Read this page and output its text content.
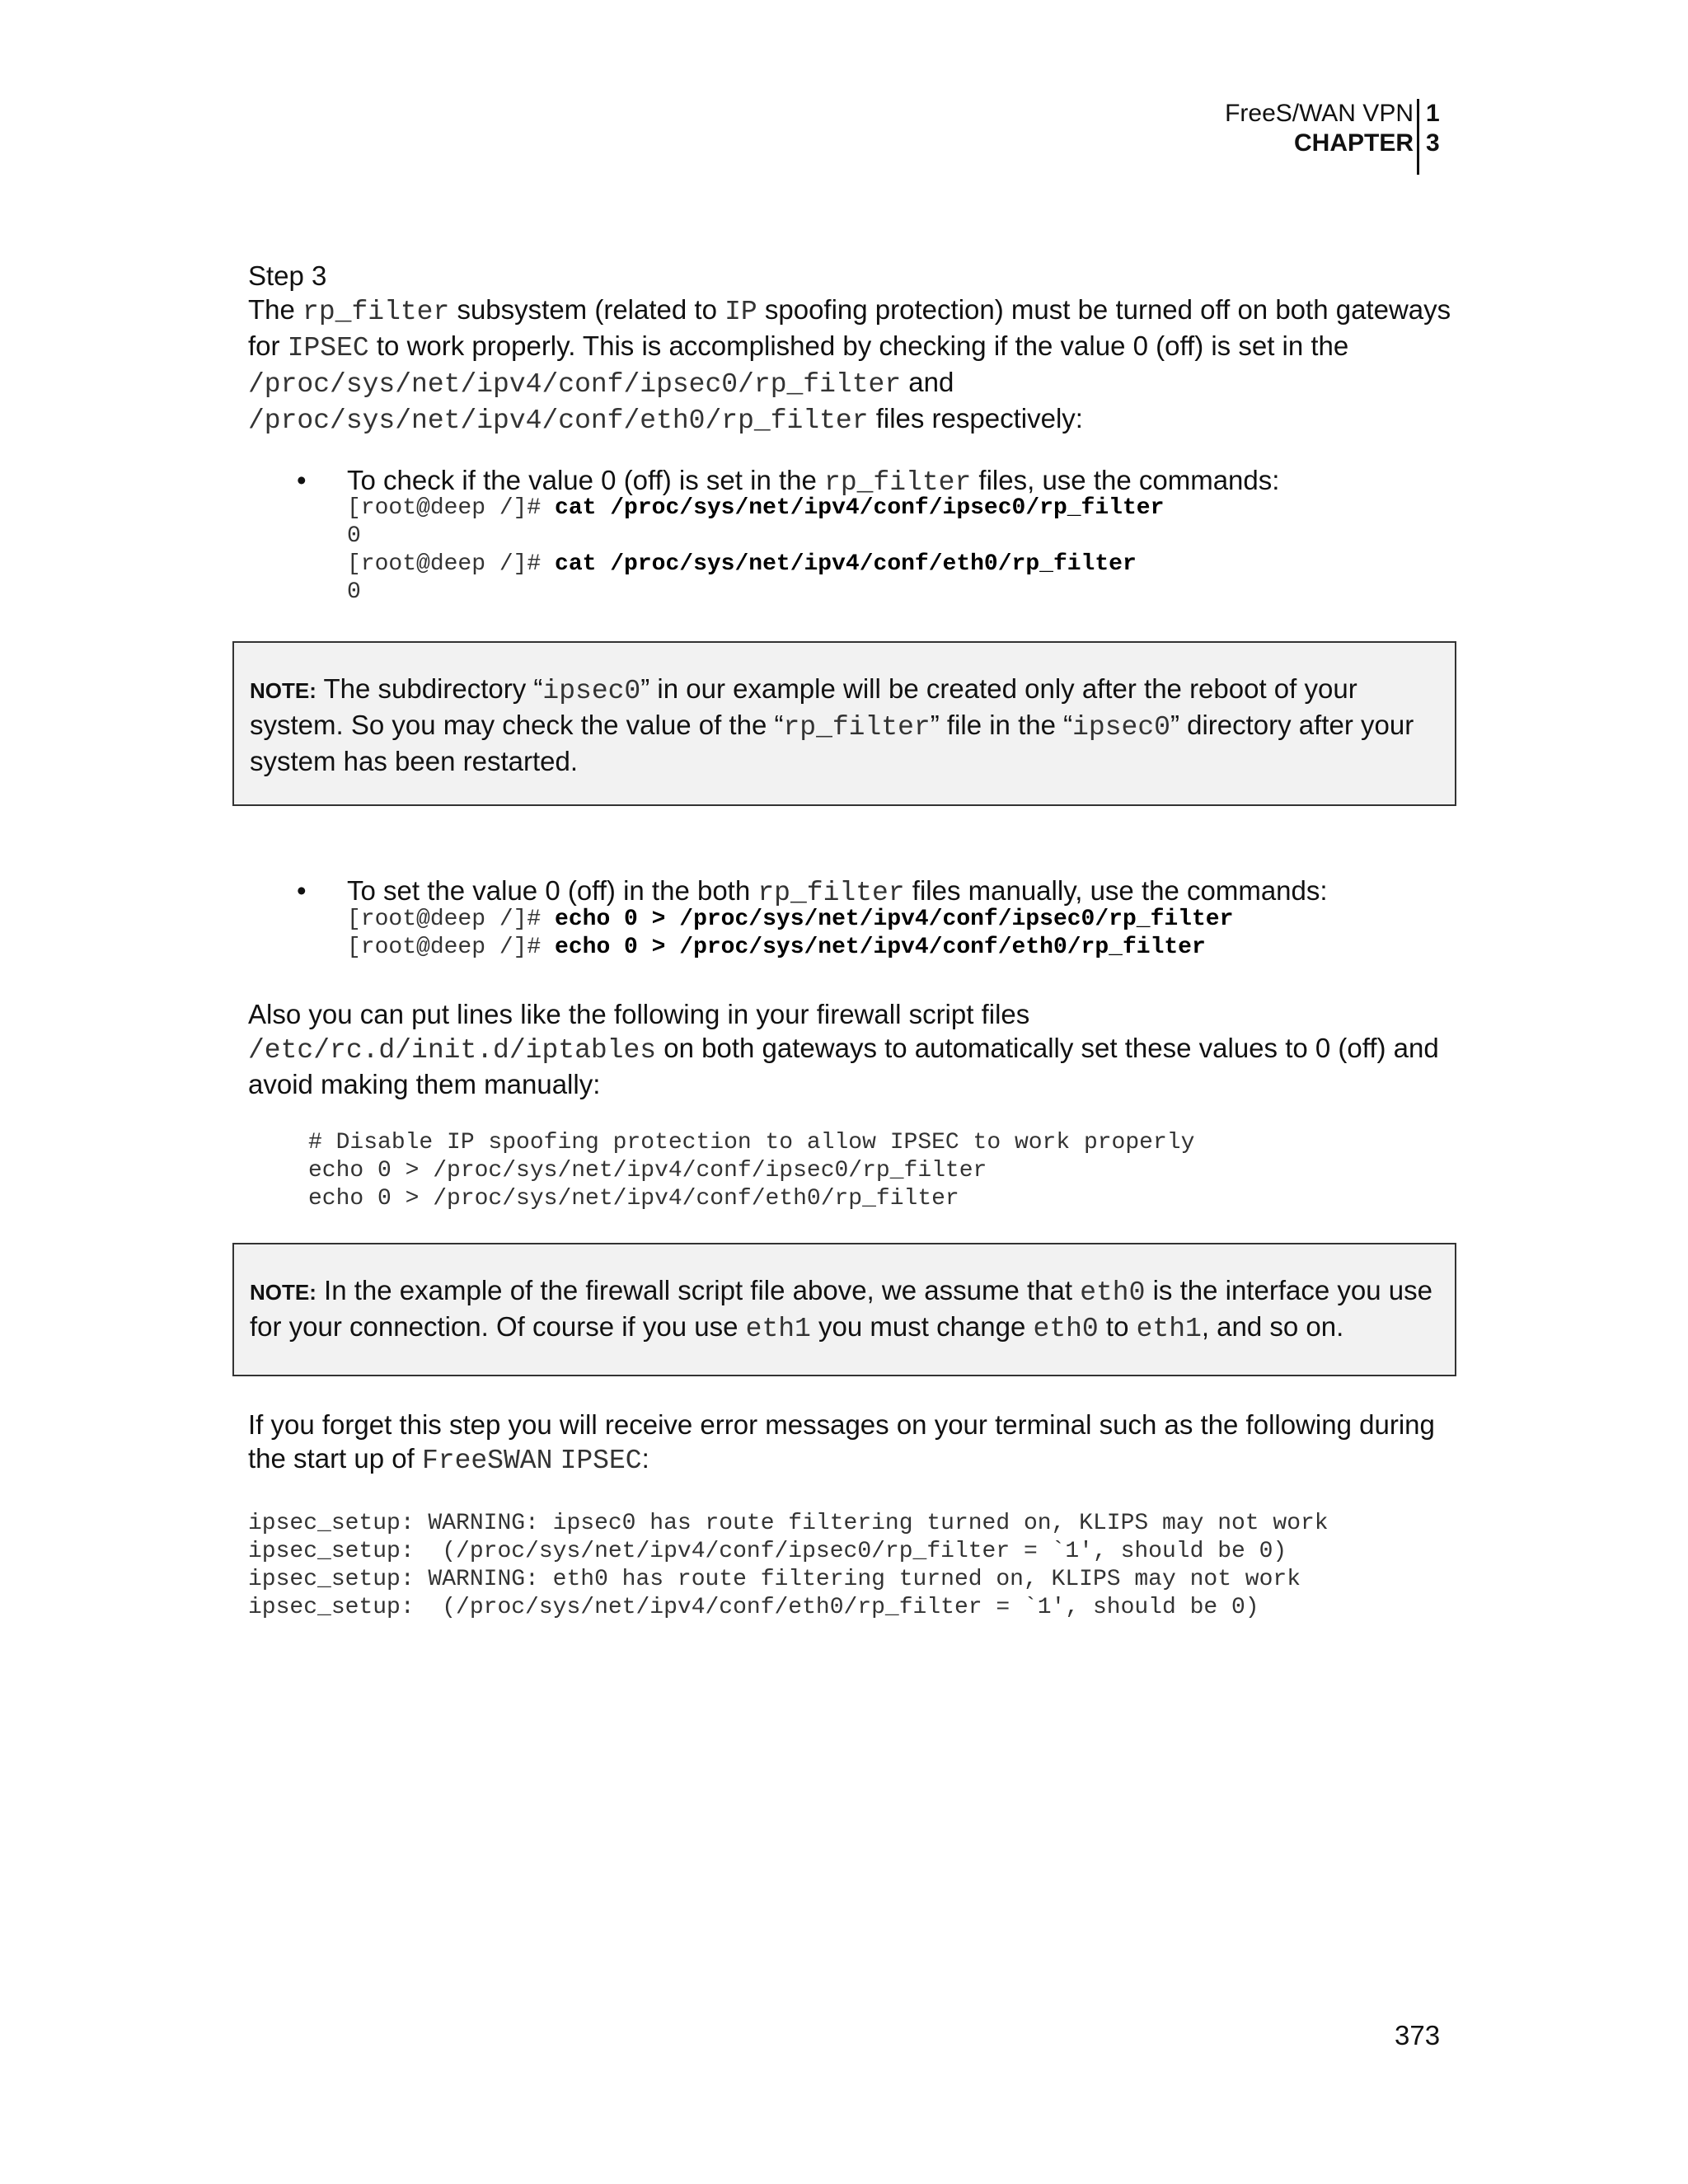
FreeS/WAN VPN
CHAPTER
1
3
Step 3
The rp_filter subsystem (related to IP spoofing protection) must be turned off on both gateways for IPSEC to work properly. This is accomplished by checking if the value 0 (off) is set in the /proc/sys/net/ipv4/conf/ipsec0/rp_filter and
/proc/sys/net/ipv4/conf/eth0/rp_filter files respectively:
• To check if the value 0 (off) is set in the rp_filter files, use the commands:
[root@deep /]# cat /proc/sys/net/ipv4/conf/ipsec0/rp_filter
0
[root@deep /]# cat /proc/sys/net/ipv4/conf/eth0/rp_filter
0
NOTE: The subdirectory “ipsec0” in our example will be created only after the reboot of your system. So you may check the value of the “rp_filter” file in the “ipsec0” directory after your system has been restarted.
• To set the value 0 (off) in the both rp_filter files manually, use the commands:
[root@deep /]# echo 0 > /proc/sys/net/ipv4/conf/ipsec0/rp_filter
[root@deep /]# echo 0 > /proc/sys/net/ipv4/conf/eth0/rp_filter
Also you can put lines like the following in your firewall script files
/etc/rc.d/init.d/iptables on both gateways to automatically set these values to 0 (off) and avoid making them manually:
# Disable IP spoofing protection to allow IPSEC to work properly
echo 0 > /proc/sys/net/ipv4/conf/ipsec0/rp_filter
echo 0 > /proc/sys/net/ipv4/conf/eth0/rp_filter
NOTE: In the example of the firewall script file above, we assume that eth0 is the interface you use for your connection. Of course if you use eth1 you must change eth0 to eth1, and so on.
If you forget this step you will receive error messages on your terminal such as the following during the start up of FreeSWAN IPSEC:
ipsec_setup: WARNING: ipsec0 has route filtering turned on, KLIPS may not work
ipsec_setup:  (/proc/sys/net/ipv4/conf/ipsec0/rp_filter = `1', should be 0)
ipsec_setup: WARNING: eth0 has route filtering turned on, KLIPS may not work
ipsec_setup:  (/proc/sys/net/ipv4/conf/eth0/rp_filter = `1', should be 0)
373
